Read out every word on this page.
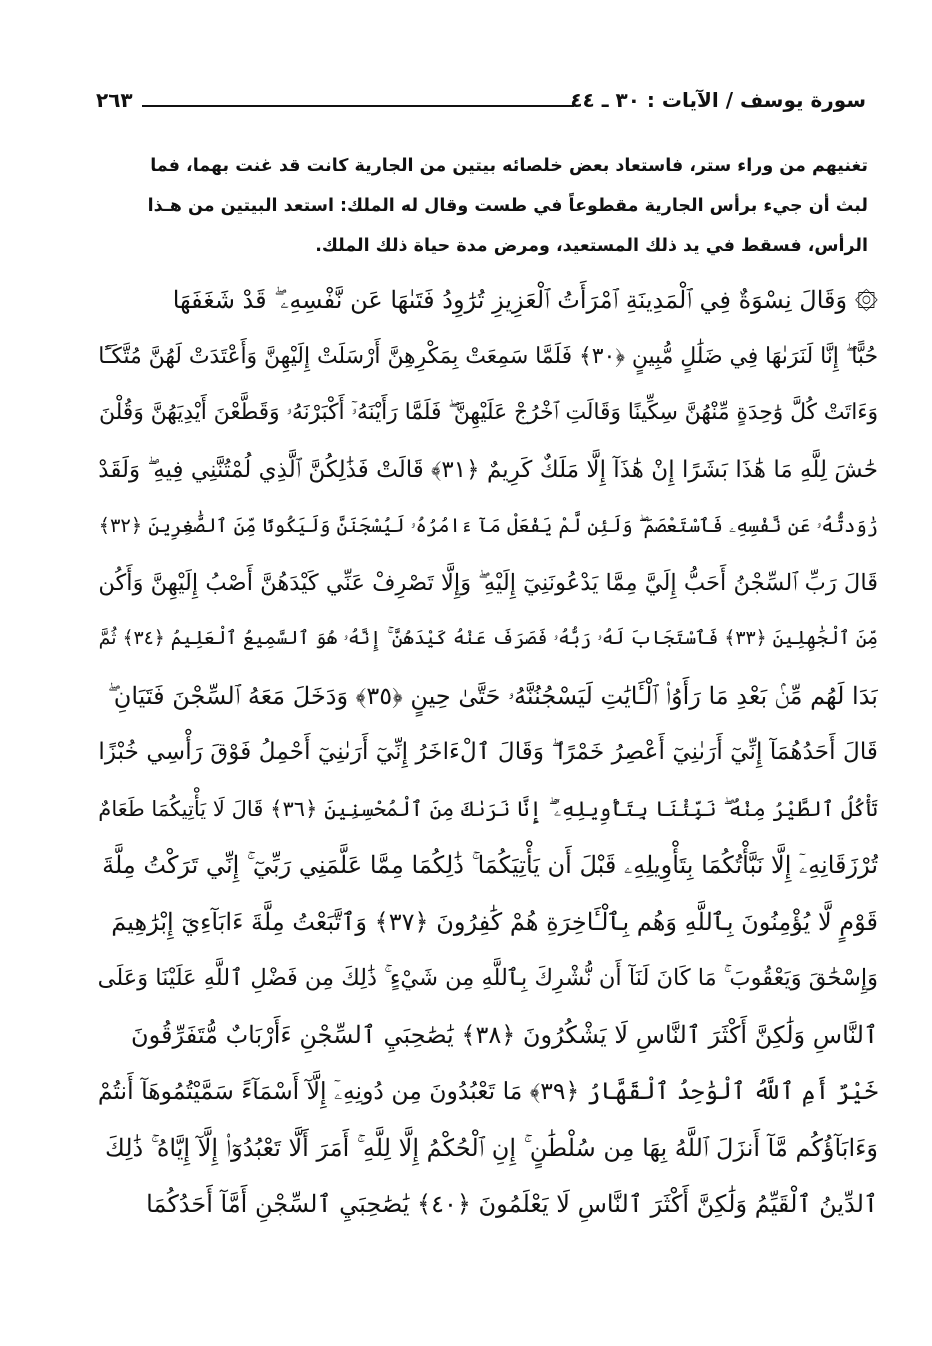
سورة يوسف / الآيات : ٣٠ ـ ٤٤
٢٦٣
تغنيهم من وراء ستر، فاستعاد بعض خلصائه بيتين من الجارية كانت قد غنت بهما، فما
لبث أن جيء برأس الجارية مقطوعاً في طست وقال له الملك: استعد البيتين من هـذا
الرأس، فسقط في يد ذلك المستعيد، ومرض مدة حياة ذلك الملك.
۞ وَقَالَ نِسْوَةٌ فِي ٱلْمَدِينَةِ ٱمْرَأَتُ ٱلْعَزِيزِ تُرَٰوِدُ فَتَىٰهَا عَن نَّفْسِهِۦ ۖ قَدْ شَغَفَهَا
حُبًّا ۖ إِنَّا لَنَرَىٰهَا فِي ضَلَٰلٍ مُّبِينٍ ﴿٣٠﴾ فَلَمَّا سَمِعَتْ بِمَكْرِهِنَّ أَرْسَلَتْ إِلَيْهِنَّ وَأَعْتَدَتْ لَهُنَّ مُتَّكَـًٔا
وَءَاتَتْ كُلَّ وَٰحِدَةٍ مِّنْهُنَّ سِكِّينًا وَقَالَتِ ٱخْرُجْ عَلَيْهِنَّ ۖ فَلَمَّا رَأَيْنَهُۥٓ أَكْبَرْنَهُۥ وَقَطَّعْنَ أَيْدِيَهُنَّ وَقُلْنَ
حَٰشَ لِلَّهِ مَا هَٰذَا بَشَرًا إِنْ هَٰذَآ إِلَّا مَلَكٌ كَرِيمٌ ﴿٣١﴾ قَالَتْ فَذَٰلِكُنَّ ٱلَّذِي لُمْتُنَّنِي فِيهِ ۖ وَلَقَدْ
رَٰوَدتُّهُۥ عَن نَّفْسِهِۦ فَٱسْتَعْصَمَ ۖ وَلَئِن لَّمْ يَفْعَلْ مَآ ءَامُرُهُۥ لَيُسْجَنَنَّ وَلَيَكُونًا مِّنَ ٱلصَّٰغِرِينَ ﴿٣٢﴾
قَالَ رَبِّ ٱلسِّجْنُ أَحَبُّ إِلَيَّ مِمَّا يَدْعُونَنِيٓ إِلَيْهِ ۖ وَإِلَّا تَصْرِفْ عَنِّي كَيْدَهُنَّ أَصْبُ إِلَيْهِنَّ وَأَكُن
مِّنَ ٱلْجَٰهِلِينَ ﴿٣٣﴾ فَٱسْتَجَابَ لَهُۥ رَبُّهُۥ فَصَرَفَ عَنْهُ كَيْدَهُنَّ ۚ إِنَّهُۥ هُوَ ٱلسَّمِيعُ ٱلْعَلِيمُ ﴿٣٤﴾ ثُمَّ
بَدَا لَهُم مِّنۢ بَعْدِ مَا رَأَوُا۟ ٱلْـَٔايَٰتِ لَيَسْجُنُنَّهُۥ حَتَّىٰ حِينٍ ﴿٣٥﴾ وَدَخَلَ مَعَهُ ٱلسِّجْنَ فَتَيَانِ ۖ
قَالَ أَحَدُهُمَآ إِنِّيٓ أَرَىٰنِيٓ أَعْصِرُ خَمْرًا ۖ وَقَالَ ٱلْءَاخَرُ إِنِّيٓ أَرَىٰنِيٓ أَحْمِلُ فَوْقَ رَأْسِي خُبْزًا
تَأْكُلُ ٱلطَّيْرُ مِنْهُ ۖ نَبِّئْنَا بِتَأْوِيلِهِۦٓ ۖ إِنَّا نَرَىٰكَ مِنَ ٱلْمُحْسِنِينَ ﴿٣٦﴾ قَالَ لَا يَأْتِيكُمَا طَعَامٌ
تُرْزَقَانِهِۦٓ إِلَّا نَبَّأْتُكُمَا بِتَأْوِيلِهِۦ قَبْلَ أَن يَأْتِيَكُمَا ۚ ذَٰلِكُمَا مِمَّا عَلَّمَنِي رَبِّيٓ ۚ إِنِّي تَرَكْتُ مِلَّةَ
قَوْمٍ لَّا يُؤْمِنُونَ بِٱللَّهِ وَهُم بِٱلْـَٔاخِرَةِ هُمْ كَٰفِرُونَ ﴿٣٧﴾ وَٱتَّبَعْتُ مِلَّةَ ءَابَآءِيٓ إِبْرَٰهِيمَ
وَإِسْحَٰقَ وَيَعْقُوبَ ۚ مَا كَانَ لَنَآ أَن نُّشْرِكَ بِٱللَّهِ مِن شَيْءٍ ۚ ذَٰلِكَ مِن فَضْلِ ٱللَّهِ عَلَيْنَا وَعَلَى
ٱلنَّاسِ وَلَٰكِنَّ أَكْثَرَ ٱلنَّاسِ لَا يَشْكُرُونَ ﴿٣٨﴾ يَٰصَٰحِبَيِ ٱلسِّجْنِ ءَأَرْبَابٌ مُّتَفَرِّقُونَ
خَيْرٌ أَمِ ٱللَّهُ ٱلْوَٰحِدُ ٱلْقَهَّارُ ﴿٣٩﴾ مَا تَعْبُدُونَ مِن دُونِهِۦٓ إِلَّآ أَسْمَآءً سَمَّيْتُمُوهَآ أَنتُمْ
وَءَابَآؤُكُم مَّآ أَنزَلَ ٱللَّهُ بِهَا مِن سُلْطَٰنٍ ۚ إِنِ ٱلْحُكْمُ إِلَّا لِلَّهِ ۚ أَمَرَ أَلَّا تَعْبُدُوٓا۟ إِلَّآ إِيَّاهُ ۚ ذَٰلِكَ
ٱلدِّينُ ٱلْقَيِّمُ وَلَٰكِنَّ أَكْثَرَ ٱلنَّاسِ لَا يَعْلَمُونَ ﴿٤٠﴾ يَٰصَٰحِبَيِ ٱلسِّجْنِ أَمَّآ أَحَدُكُمَا
